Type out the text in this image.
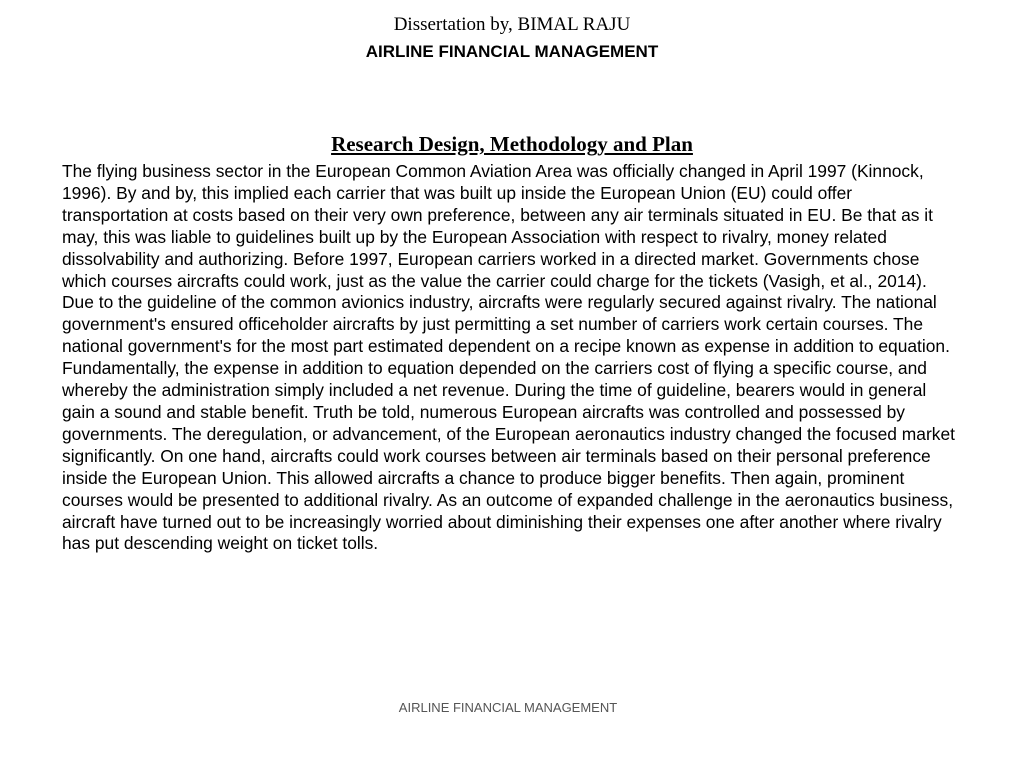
Dissertation by, BIMAL RAJU
AIRLINE FINANCIAL MANAGEMENT
Research Design, Methodology and Plan

The flying business sector in the European Common Aviation Area was officially changed in April 1997 (Kinnock, 1996). By and by, this implied each carrier that was built up inside the European Union (EU) could offer transportation at costs based on their very own preference, between any air terminals situated in EU. Be that as it may, this was liable to guidelines built up by the European Association with respect to rivalry, money related dissolvability and authorizing. Before 1997, European carriers worked in a directed market. Governments chose which courses aircrafts could work, just as the value the carrier could charge for the tickets (Vasigh, et al., 2014). Due to the guideline of the common avionics industry, aircrafts were regularly secured against rivalry. The national government's ensured officeholder aircrafts by just permitting a set number of carriers work certain courses. The national government's for the most part estimated dependent on a recipe known as expense in addition to equation. Fundamentally, the expense in addition to equation depended on the carriers cost of flying a specific course, and whereby the administration simply included a net revenue. During the time of guideline, bearers would in general gain a sound and stable benefit. Truth be told, numerous European aircrafts was controlled and possessed by governments. The deregulation, or advancement, of the European aeronautics industry changed the focused market significantly. On one hand, aircrafts could work courses between air terminals based on their personal preference inside the European Union. This allowed aircrafts a chance to produce bigger benefits. Then again, prominent courses would be presented to additional rivalry. As an outcome of expanded challenge in the aeronautics business, aircraft have turned out to be increasingly worried about diminishing their expenses one after another where rivalry has put descending weight on ticket tolls.

AIRLINE FINANCIAL MANAGEMENT
